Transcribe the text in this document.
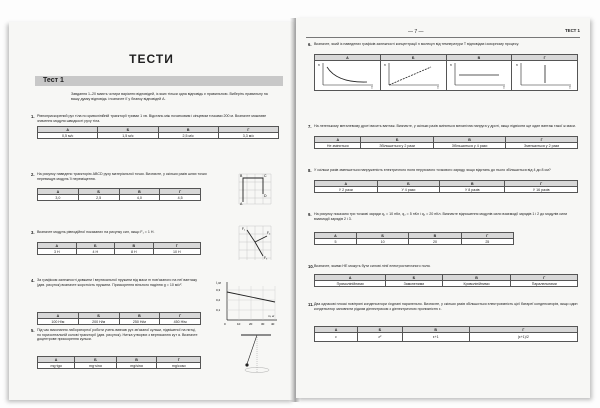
ТЕСТИ
Тест 1
Завдання 1–20 мають чотири варіанти відповідей, із яких тільки одна відповідь є правильною. Виберіть правильну на вашу думку відповідь і позначте її у бланку відповідей А.
1. Рівноприскорений рух тіла по криволінійній траєкторії триває 1 хв. Відстань між початковим і кінцевим точками 200 м. Визначте можливе значення модуля швидкості руху тіла.
А	Б	В	Г
0,5 м/с	1,5 м/с	2,5 м/с	3,3 м/с
2. На рисунку наведено траєкторію ABCD руху матеріальної точки. Визначте, у скільки разів шлях точки перевищує модуль її переміщення.
А	Б	В	Г
3,0	2,5	4,0	4,5
A
B	C
D
3. Визначте модуль рівнодійної показаних на рисунку сил, якщо F₁ = 1 Н.
А	Б	В	Г
3 Н	4 Н	8 Н	10 Н
F₁
F₂
F₃
4. За графіком залежності довжини l вертикальної пружини від маси m пов'язаного на неї вантажу (див. рисунок) визначте жорсткість пружини. Прискорення вільного падіння g = 10 м/с².
А	Б	В	Г
100 Н/м	200 Н/м	250 Н/м	450 Н/м
l, м
0,3
0,2
0,1
0	10	20	30 40
m, кг
5. Під час виконання лабораторної роботи учень вивчав рух зв'язаної кульки, підвішеної на нитці, по горизонтальній колові траєкторії (див. рисунок). Нитка утворює з вертикаллю кут α. Визначте доцентрове прискорення кульки.
А	Б	В	Г
mg·tgα	mg·sinα	mg/sinα	mg/cosα
— 7 —	ТЕСТ 1
6. Визначте, який із наведених графіків залежності концентрації n молекул від температури T відповідає ізохорному процесу.
А	Б	В	Г

n
T	n
T	n
T	n
T
7. На легенькому металевому дроті висить вантаж. Визначте, у скільки разів зміниться механічна напруга у дроті, якщо підвісити ще один вантаж такої ж маси.
А	Б	В	Г
Не зміниться	Збільшиться у 2 рази	Збільшиться у 4 рази	Зменшиться у 2 рази
8. У скільки разів зменшиться напруженість електричного поля нерухомого точкового заряду, якщо відстань до нього збільшиться від 4 до 8 см?
А	Б	В	Г
У 2 рази	У 4 рази	У 8 разів	У 16 разів
9. На рисунку показано три точкові заряди q₁ = 10 нКл, q₂ = 5 нКл і q₃ = 20 нКл. Визначте відношення модулів сили взаємодії зарядів 1 і 2 до модулів сили взаємодії зарядів 2 і 3.
А	Б	В	Г
5	10	20	25
10. Визначте, якими НЕ можуть бути силові лінії електростатичного поля.
А	Б	В	Г
Прямолінійними	Замкненими	Криволінійними	Паралельними
11. Два однакові плоскі повітряні конденсатори з'єднані паралельно. Визначте, у скільки разів збільшиться електроємність цієї батареї конденсаторів, якщо один конденсатор заповнити рідким діелектриком з діелектричною проникністю ε.
А	Б	В	Г
ε	ε²	ε+1	(ε+1)/2
